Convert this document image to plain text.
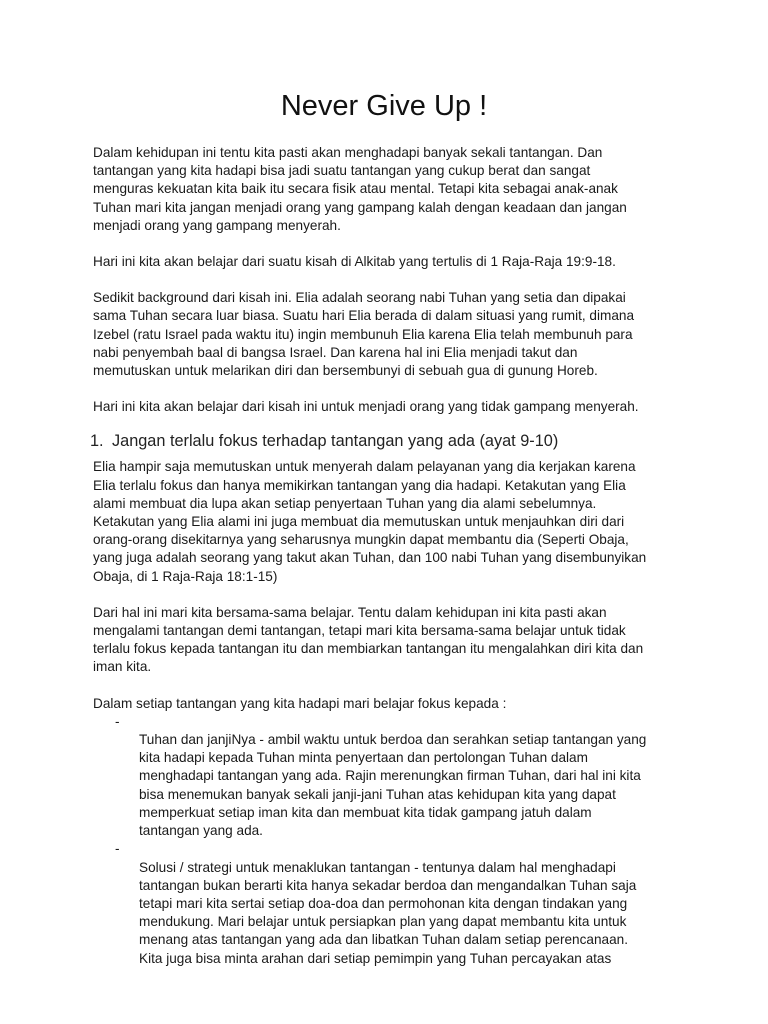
Never Give Up !

Dalam kehidupan ini tentu kita pasti akan menghadapi banyak sekali tantangan. Dan
tantangan yang kita hadapi bisa jadi suatu tantangan yang cukup berat dan sangat
menguras kekuatan kita baik itu secara fisik atau mental. Tetapi kita sebagai anak-anak
Tuhan mari kita jangan menjadi orang yang gampang kalah dengan keadaan dan jangan
menjadi orang yang gampang menyerah.

Hari ini kita akan belajar dari suatu kisah di Alkitab yang tertulis di 1 Raja-Raja 19:9-18.

Sedikit background dari kisah ini. Elia adalah seorang nabi Tuhan yang setia dan dipakai
sama Tuhan secara luar biasa. Suatu hari Elia berada di dalam situasi yang rumit, dimana
Izebel (ratu Israel pada waktu itu) ingin membunuh Elia karena Elia telah membunuh para
nabi penyembah baal di bangsa Israel. Dan karena hal ini Elia menjadi takut dan
memutuskan untuk melarikan diri dan bersembunyi di sebuah gua di gunung Horeb.

Hari ini kita akan belajar dari kisah ini untuk menjadi orang yang tidak gampang menyerah.

1. Jangan terlalu fokus terhadap tantangan yang ada (ayat 9-10)

Elia hampir saja memutuskan untuk menyerah dalam pelayanan yang dia kerjakan karena
Elia terlalu fokus dan hanya memikirkan tantangan yang dia hadapi. Ketakutan yang Elia
alami membuat dia lupa akan setiap penyertaan Tuhan yang dia alami sebelumnya.
Ketakutan yang Elia alami ini juga membuat dia memutuskan untuk menjauhkan diri dari
orang-orang disekitarnya yang seharusnya mungkin dapat membantu dia (Seperti Obaja,
yang juga adalah seorang yang takut akan Tuhan, dan 100 nabi Tuhan yang disembunyikan
Obaja, di 1 Raja-Raja 18:1-15)

Dari hal ini mari kita bersama-sama belajar. Tentu dalam kehidupan ini kita pasti akan
mengalami tantangan demi tantangan, tetapi mari kita bersama-sama belajar untuk tidak
terlalu fokus kepada tantangan itu dan membiarkan tantangan itu mengalahkan diri kita dan
iman kita.

Dalam setiap tantangan yang kita hadapi mari belajar fokus kepada :

-
Tuhan dan janjiNya - ambil waktu untuk berdoa dan serahkan setiap tantangan yang
kita hadapi kepada Tuhan minta penyertaan dan pertolongan Tuhan dalam
menghadapi tantangan yang ada. Rajin merenungkan firman Tuhan, dari hal ini kita
bisa menemukan banyak sekali janji-jani Tuhan atas kehidupan kita yang dapat
memperkuat setiap iman kita dan membuat kita tidak gampang jatuh dalam
tantangan yang ada.

-
Solusi / strategi untuk menaklukan tantangan - tentunya dalam hal menghadapi
tantangan bukan berarti kita hanya sekadar berdoa dan mengandalkan Tuhan saja
tetapi mari kita sertai setiap doa-doa dan permohonan kita dengan tindakan yang
mendukung. Mari belajar untuk persiapkan plan yang dapat membantu kita untuk
menang atas tantangan yang ada dan libatkan Tuhan dalam setiap perencanaan.
Kita juga bisa minta arahan dari setiap pemimpin yang Tuhan percayakan atas
